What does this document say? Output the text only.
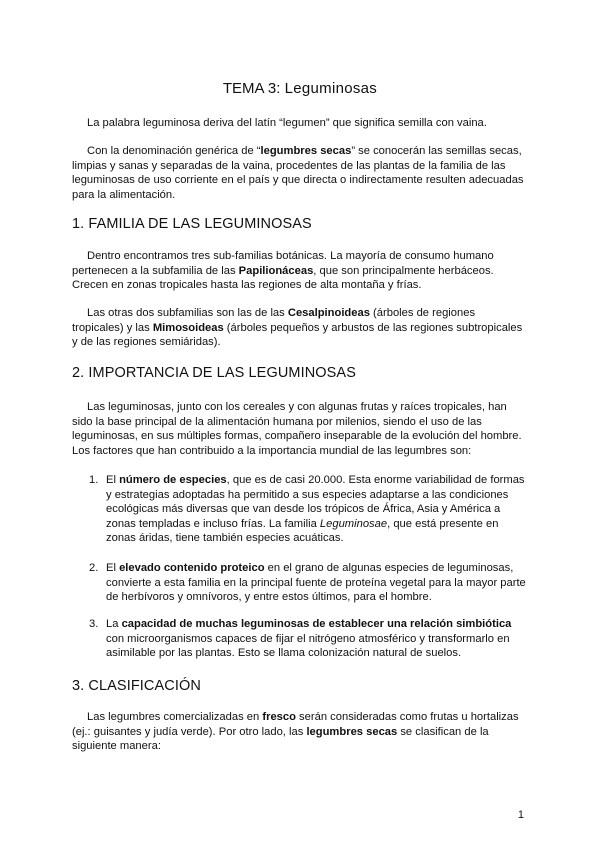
TEMA 3: Leguminosas

La palabra leguminosa deriva del latín “legumen” que significa semilla con vaina.

Con la denominación genérica de “legumbres secas” se conocerán las semillas secas, limpias y sanas y separadas de la vaina, procedentes de las plantas de la familia de las leguminosas de uso corriente en el país y que directa o indirectamente resulten adecuadas para la alimentación.

1. FAMILIA DE LAS LEGUMINOSAS

Dentro encontramos tres sub-familias botánicas. La mayoría de consumo humano pertenecen a la subfamilia de las Papilionáceas, que son principalmente herbáceos. Crecen en zonas tropicales hasta las regiones de alta montaña y frías.

Las otras dos subfamilias son las de las Cesalpinoideas (árboles de regiones tropicales) y las Mimosoideas (árboles pequeños y arbustos de las regiones subtropicales y de las regiones semiáridas).

2. IMPORTANCIA DE LAS LEGUMINOSAS

Las leguminosas, junto con los cereales y con algunas frutas y raíces tropicales, han sido la base principal de la alimentación humana por milenios, siendo el uso de las leguminosas, en sus múltiples formas, compañero inseparable de la evolución del hombre. Los factores que han contribuido a la importancia mundial de las legumbres son:

1. El número de especies, que es de casi 20.000. Esta enorme variabilidad de formas y estrategias adoptadas ha permitido a sus especies adaptarse a las condiciones ecológicas más diversas que van desde los trópicos de África, Asia y América a zonas templadas e incluso frías. La familia Leguminosae, que está presente en zonas áridas, tiene también especies acuáticas.
2. El elevado contenido proteico en el grano de algunas especies de leguminosas, convierte a esta familia en la principal fuente de proteína vegetal para la mayor parte de herbívoros y omnívoros, y entre estos últimos, para el hombre.
3. La capacidad de muchas leguminosas de establecer una relación simbiótica con microorganismos capaces de fijar el nitrógeno atmosférico y transformarlo en asimilable por las plantas. Esto se llama colonización natural de suelos.
3. CLASIFICACIÓN

Las legumbres comercializadas en fresco serán consideradas como frutas u hortalizas (ej.: guisantes y judía verde). Por otro lado, las legumbres secas se clasifican de la siguiente manera:

1
